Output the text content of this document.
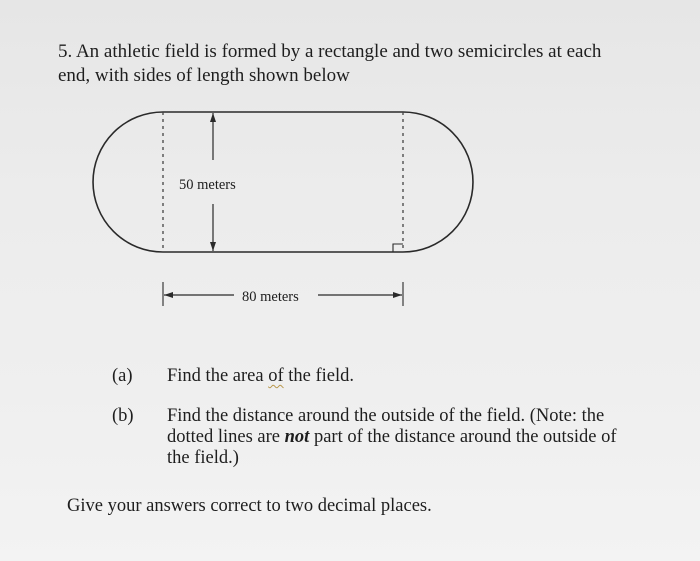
5. An athletic field is formed by a rectangle and two semicircles at each
end, with sides of length shown below
50 meters
80 meters
(a) Find the area of the field.
(b) Find the distance around the outside of the field. (Note: the
dotted lines are not part of the distance around the outside of
the field.)
Give your answers correct to two decimal places.
